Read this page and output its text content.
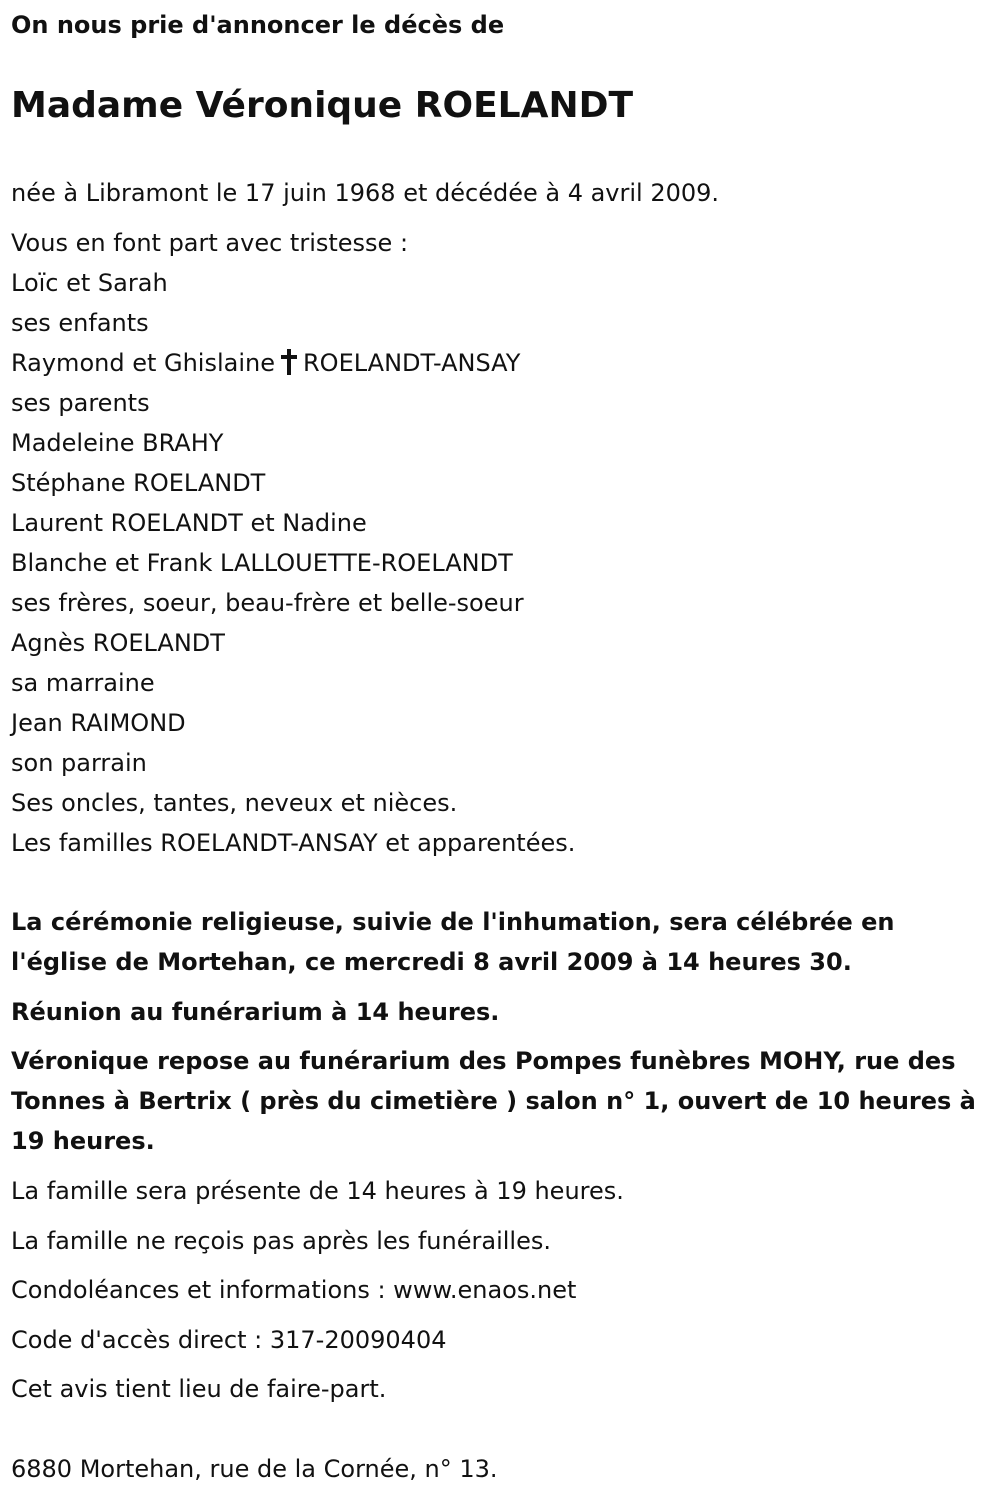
On nous prie d'annoncer le décès de
Madame Véronique ROELANDT
née à Libramont le 17 juin 1968 et décédée à 4 avril 2009.
Vous en font part avec tristesse :
Loïc et Sarah
ses enfants
Raymond et Ghislaine ROELANDT-ANSAY
ses parents
Madeleine BRAHY
Stéphane ROELANDT
Laurent ROELANDT et Nadine
Blanche et Frank LALLOUETTE-ROELANDT
ses frères, soeur, beau-frère et belle-soeur
Agnès ROELANDT
sa marraine
Jean RAIMOND
son parrain
Ses oncles, tantes, neveux et nièces.
Les familles ROELANDT-ANSAY et apparentées.
La cérémonie religieuse, suivie de l'inhumation, sera célébrée en l'église de Mortehan, ce mercredi 8 avril 2009 à 14 heures 30.
Réunion au funérarium à 14 heures.
Véronique repose au funérarium des Pompes funèbres MOHY, rue des Tonnes à Bertrix ( près du cimetière ) salon n° 1, ouvert de 10 heures à 19 heures.
La famille sera présente de 14 heures à 19 heures.
La famille ne reçois pas après les funérailles.
Condoléances et informations : www.enaos.net
Code d'accès direct : 317-20090404
Cet avis tient lieu de faire-part.
6880 Mortehan, rue de la Cornée, n° 13.
